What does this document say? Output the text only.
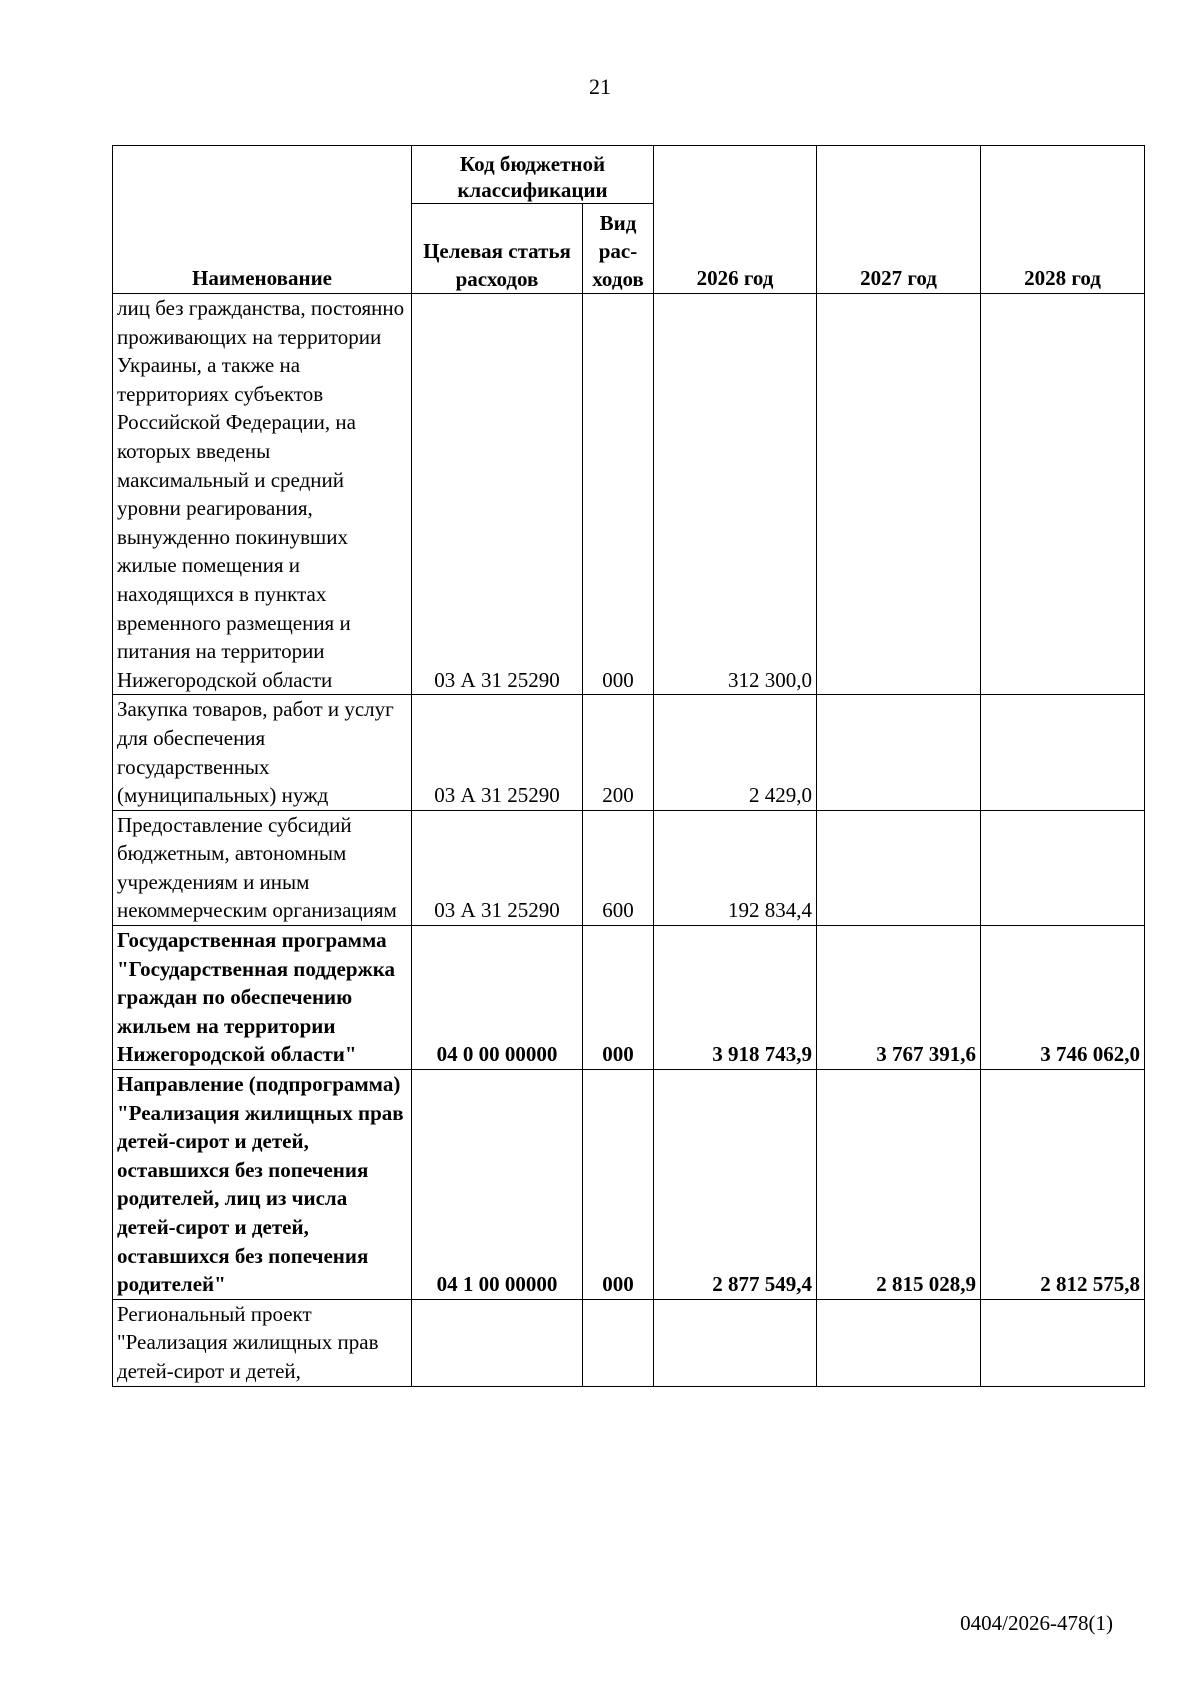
21
Наименование	Код бюджетной классификации		2026 год	2027 год	2028 год
	Целевая статья расходов	Вид рас-ходов			
лиц без гражданства, постоянно проживающих на территории Украины, а также на территориях субъектов Российской Федерации, на которых введены максимальный и средний уровни реагирования, вынужденно покинувших жилые помещения и находящихся в пунктах временного размещения и питания на территории Нижегородской области	03 А 31 25290	000	312 300,0		
Закупка товаров, работ и услуг для обеспечения государственных (муниципальных) нужд	03 А 31 25290	200	2 429,0		
Предоставление субсидий бюджетным, автономным учреждениям и иным некоммерческим организациям	03 А 31 25290	600	192 834,4		
Государственная программа "Государственная поддержка граждан по обеспечению жильем на территории Нижегородской области"	04 0 00 00000	000	3 918 743,9	3 767 391,6	3 746 062,0
Направление (подпрограмма) "Реализация жилищных прав детей-сирот и детей, оставшихся без попечения родителей, лиц из числа детей-сирот и детей, оставшихся без попечения родителей"	04 1 00 00000	000	2 877 549,4	2 815 028,9	2 812 575,8
Региональный проект "Реализация жилищных прав детей-сирот и детей,					
0404/2026-478(1)
